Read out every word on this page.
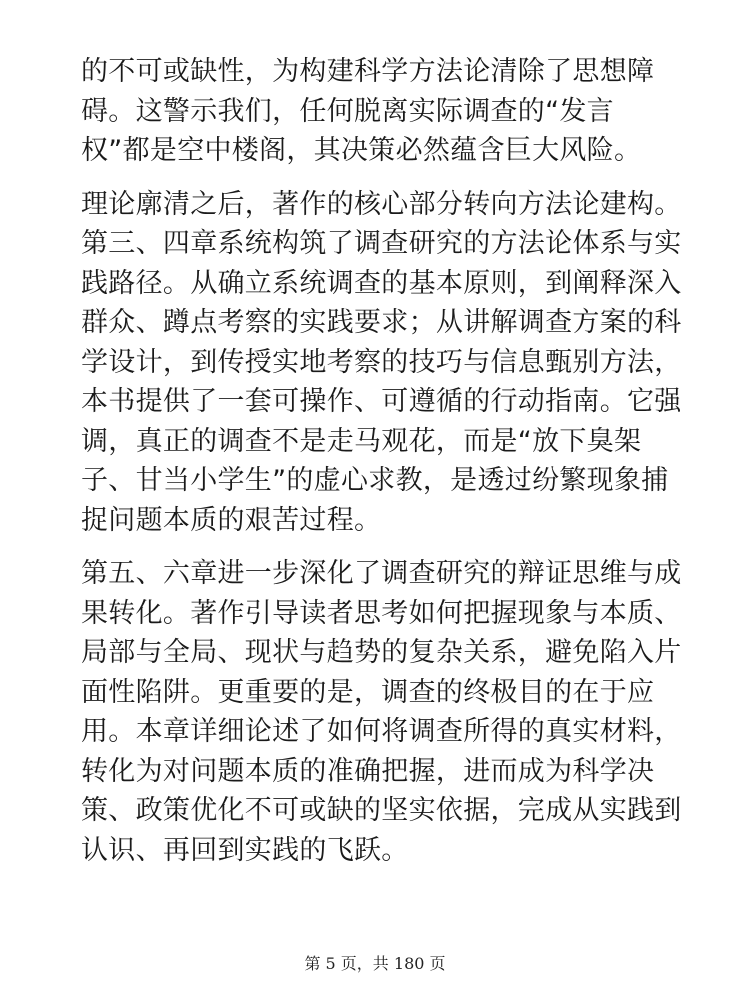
的不可或缺性，为构建科学方法论清除了思想障
碍。这警示我们，任何脱离实际调查的“发言
权”都是空中楼阁，其决策必然蕴含巨大风险。
理论廓清之后，著作的核心部分转向方法论建构。
第三、四章系统构筑了调查研究的方法论体系与实
践路径。从确立系统调查的基本原则，到阐释深入
群众、蹲点考察的实践要求；从讲解调查方案的科
学设计，到传授实地考察的技巧与信息甄别方法，
本书提供了一套可操作、可遵循的行动指南。它强
调，真正的调查不是走马观花，而是“放下臭架
子、甘当小学生”的虚心求教，是透过纷繁现象捕
捉问题本质的艰苦过程。
第五、六章进一步深化了调查研究的辩证思维与成
果转化。著作引导读者思考如何把握现象与本质、
局部与全局、现状与趋势的复杂关系，避免陷入片
面性陷阱。更重要的是，调查的终极目的在于应
用。本章详细论述了如何将调查所得的真实材料，
转化为对问题本质的准确把握，进而成为科学决
策、政策优化不可或缺的坚实依据，完成从实践到
认识、再回到实践的飞跃。
第 5 页，共 180 页
